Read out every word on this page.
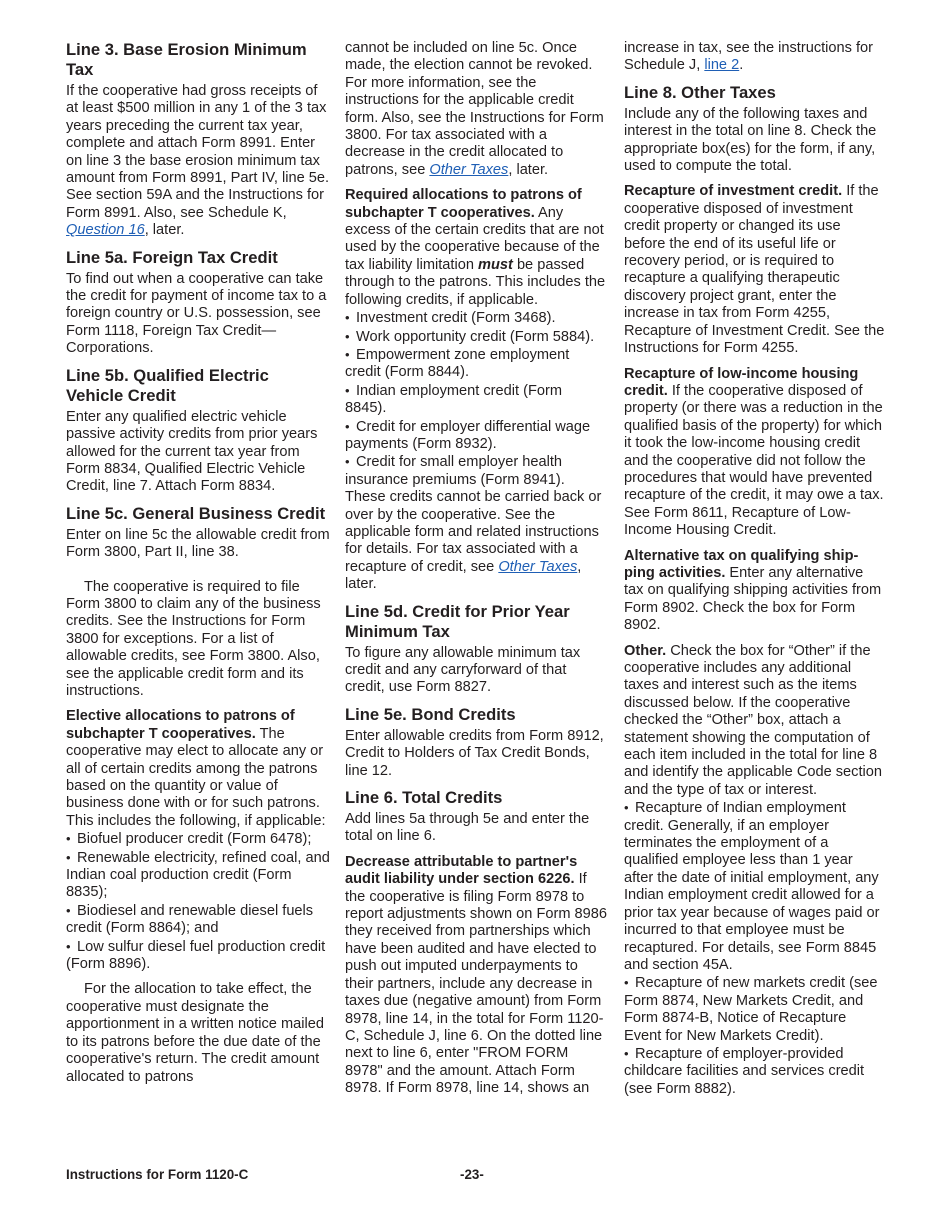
Line 3. Base Erosion Minimum Tax

If the cooperative had gross receipts of at least $500 million in any 1 of the 3 tax years preceding the current tax year, complete and attach Form 8991. Enter on line 3 the base erosion minimum tax amount from Form 8991, Part IV, line 5e. See section 59A and the Instructions for Form 8991. Also, see Schedule K, Question 16, later.

Line 5a. Foreign Tax Credit

To find out when a cooperative can take the credit for payment of income tax to a foreign country or U.S. possession, see Form 1118, Foreign Tax Credit—Corporations.

Line 5b. Qualified Electric Vehicle Credit

Enter any qualified electric vehicle passive activity credits from prior years allowed for the current tax year from Form 8834, Qualified Electric Vehicle Credit, line 7. Attach Form 8834.

Line 5c. General Business Credit

Enter on line 5c the allowable credit from Form 3800, Part II, line 38.

The cooperative is required to file Form 3800 to claim any of the business credits. See the Instructions for Form 3800 for exceptions. For a list of allowable credits, see Form 3800. Also, see the applicable credit form and its instructions.

Elective allocations to patrons of subchapter T cooperatives. The cooperative may elect to allocate any or all of certain credits among the patrons based on the quantity or value of business done with or for such patrons. This includes the following, if applicable:

• Biofuel producer credit (Form 6478);
• Renewable electricity, refined coal, and Indian coal production credit (Form 8835);
• Biodiesel and renewable diesel fuels credit (Form 8864); and
• Low sulfur diesel fuel production credit (Form 8896).

For the allocation to take effect, the cooperative must designate the apportionment in a written notice mailed to its patrons before the due date of the cooperative's return. The credit amount allocated to patrons

cannot be included on line 5c. Once made, the election cannot be revoked. For more information, see the instructions for the applicable credit form. Also, see the Instructions for Form 3800. For tax associated with a decrease in the credit allocated to patrons, see Other Taxes, later.

Required allocations to patrons of subchapter T cooperatives. Any excess of the certain credits that are not used by the cooperative because of the tax liability limitation must be passed through to the patrons. This includes the following credits, if applicable.

• Investment credit (Form 3468).
• Work opportunity credit (Form 5884).
• Empowerment zone employment credit (Form 8844).
• Indian employment credit (Form 8845).
• Credit for employer differential wage payments (Form 8932).
• Credit for small employer health insurance premiums (Form 8941). These credits cannot be carried back or over by the cooperative. See the applicable form and related instructions for details. For tax associated with a recapture of credit, see Other Taxes, later.
Line 5d. Credit for Prior Year Minimum Tax

To figure any allowable minimum tax credit and any carryforward of that credit, use Form 8827.

Line 5e. Bond Credits

Enter allowable credits from Form 8912, Credit to Holders of Tax Credit Bonds, line 12.

Line 6. Total Credits

Add lines 5a through 5e and enter the total on line 6.

Decrease attributable to partner's audit liability under section 6226. If the cooperative is filing Form 8978 to report adjustments shown on Form 8986 they received from partnerships which have been audited and have elected to push out imputed underpayments to their partners, include any decrease in taxes due (negative amount) from Form 8978, line 14, in the total for Form 1120-C, Schedule J, line 6. On the dotted line next to line 6, enter "FROM FORM 8978" and the amount. Attach Form 8978. If Form 8978, line 14, shows an

increase in tax, see the instructions for Schedule J, line 2.

Line 8. Other Taxes

Include any of the following taxes and interest in the total on line 8. Check the appropriate box(es) for the form, if any, used to compute the total.

Recapture of investment credit. If the cooperative disposed of investment credit property or changed its use before the end of its useful life or recovery period, or is required to recapture a qualifying therapeutic discovery project grant, enter the increase in tax from Form 4255, Recapture of Investment Credit. See the Instructions for Form 4255.

Recapture of low-income housing credit. If the cooperative disposed of property (or there was a reduction in the qualified basis of the property) for which it took the low-income housing credit and the cooperative did not follow the procedures that would have prevented recapture of the credit, it may owe a tax. See Form 8611, Recapture of Low-Income Housing Credit.

Alternative tax on qualifying ship-ping activities. Enter any alternative tax on qualifying shipping activities from Form 8902. Check the box for Form 8902.

Other. Check the box for “Other” if the cooperative includes any additional taxes and interest such as the items discussed below. If the cooperative checked the “Other” box, attach a statement showing the computation of each item included in the total for line 8 and identify the applicable Code section and the type of tax or interest.

• Recapture of Indian employment credit. Generally, if an employer terminates the employment of a qualified employee less than 1 year after the date of initial employment, any Indian employment credit allowed for a prior tax year because of wages paid or incurred to that employee must be recaptured. For details, see Form 8845 and section 45A.
• Recapture of new markets credit (see Form 8874, New Markets Credit, and Form 8874-B, Notice of Recapture Event for New Markets Credit).
• Recapture of employer-provided childcare facilities and services credit (see Form 8882).
Instructions for Form 1120-C	-23-
